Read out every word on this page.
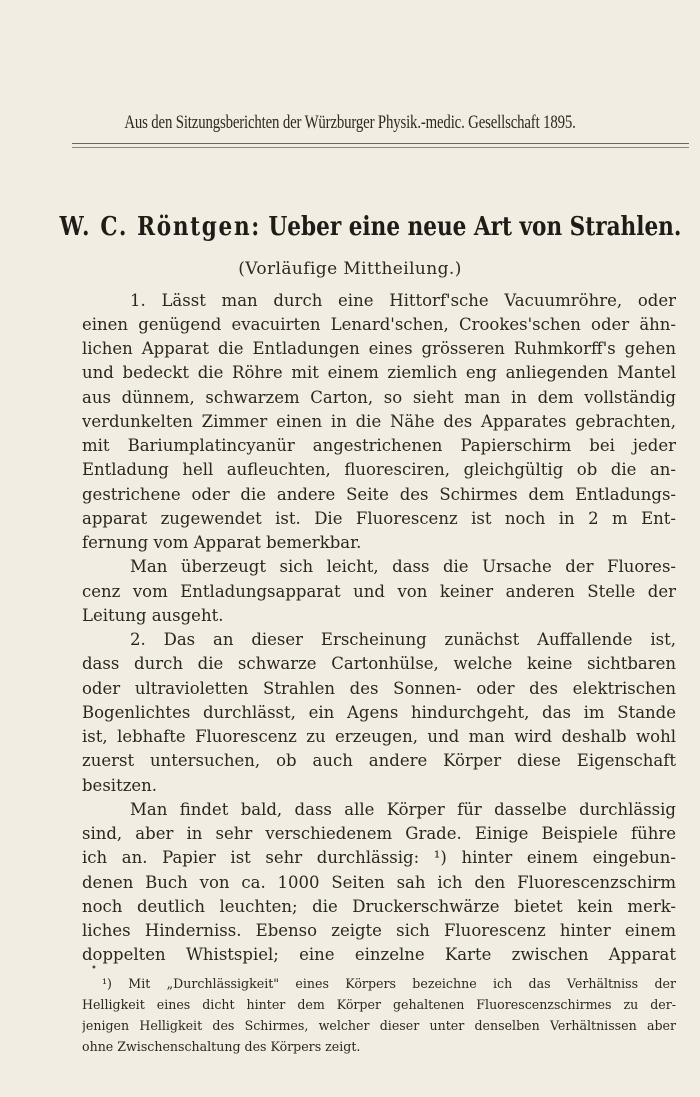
Aus den Sitzungsberichten der Würzburger Physik.-medic. Gesellschaft 1895.
W. C. Röntgen: Ueber eine neue Art von Strahlen.
(Vorläufige Mittheilung.)
1. Lässt man durch eine Hittorf'sche Vacuumröhre, oder
einen genügend evacuirten Lenard'schen, Crookes'schen oder ähn-
lichen Apparat die Entladungen eines grösseren Ruhmkorff's gehen
und bedeckt die Röhre mit einem ziemlich eng anliegenden Mantel
aus dünnem, schwarzem Carton, so sieht man in dem vollständig
verdunkelten Zimmer einen in die Nähe des Apparates gebrachten,
mit Bariumplatincyanür angestrichenen Papierschirm bei jeder
Entladung hell aufleuchten, fluoresciren, gleichgültig ob die an-
gestrichene oder die andere Seite des Schirmes dem Entladungs-
apparat zugewendet ist. Die Fluorescenz ist noch in 2 m Ent-
fernung vom Apparat bemerkbar.
Man überzeugt sich leicht, dass die Ursache der Fluores-
cenz vom Entladungsapparat und von keiner anderen Stelle der
Leitung ausgeht.
2. Das an dieser Erscheinung zunächst Auffallende ist,
dass durch die schwarze Cartonhülse, welche keine sichtbaren
oder ultravioletten Strahlen des Sonnen- oder des elektrischen
Bogenlichtes durchlässt, ein Agens hindurchgeht, das im Stande
ist, lebhafte Fluorescenz zu erzeugen, und man wird deshalb wohl
zuerst untersuchen, ob auch andere Körper diese Eigenschaft
besitzen.
Man findet bald, dass alle Körper für dasselbe durchlässig
sind, aber in sehr verschiedenem Grade. Einige Beispiele führe
ich an. Papier ist sehr durchlässig: ¹) hinter einem eingebun-
denen Buch von ca. 1000 Seiten sah ich den Fluorescenzschirm
noch deutlich leuchten; die Druckerschwärze bietet kein merk-
liches Hinderniss. Ebenso zeigte sich Fluorescenz hinter einem
doppelten Whistspiel; eine einzelne Karte zwischen Apparat
•
¹) Mit „Durchlässigkeit" eines Körpers bezeichne ich das Verhältniss der
Helligkeit eines dicht hinter dem Körper gehaltenen Fluorescenzschirmes zu der-
jenigen Helligkeit des Schirmes, welcher dieser unter denselben Verhältnissen aber
ohne Zwischenschaltung des Körpers zeigt.
